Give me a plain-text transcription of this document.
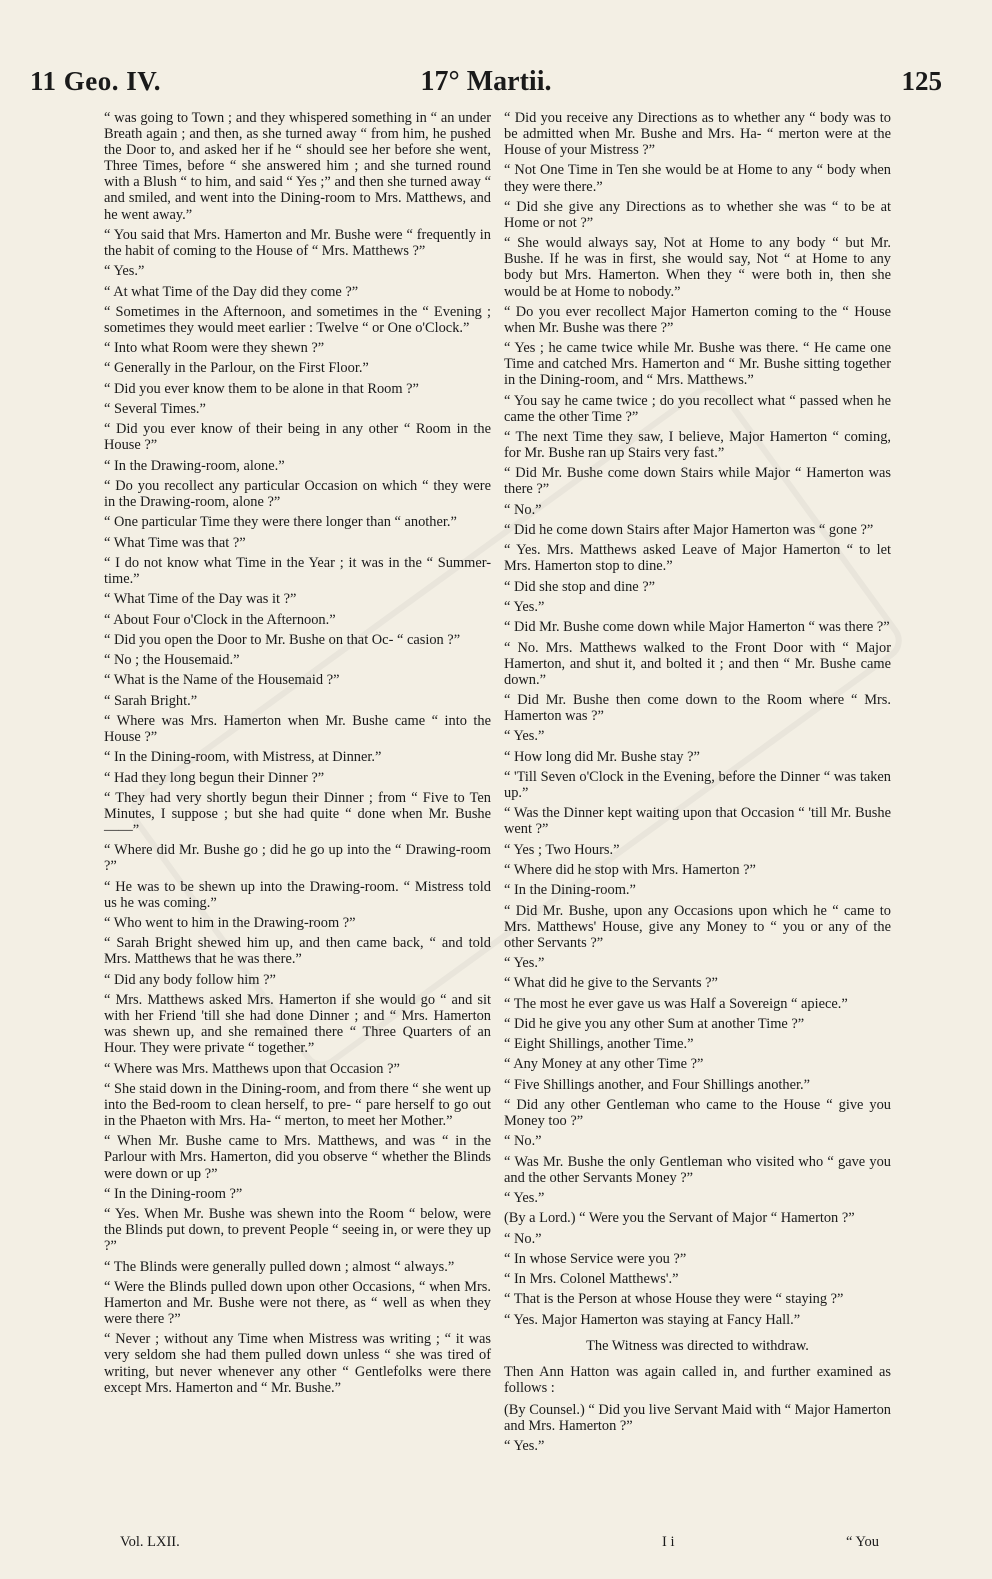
11 Geo. IV.	17° Martii.	125

“ was going to Town ; and they whispered something in “ an under Breath again ; and then, as she turned away “ from him, he pushed the Door to, and asked her if he “ should see her before she went, Three Times, before “ she answered him ; and she turned round with a Blush “ to him, and said “ Yes ;” and then she turned away “ and smiled, and went into the Dining-room to Mrs. Matthews, and he went away.”

“ You said that Mrs. Hamerton and Mr. Bushe were “ frequently in the habit of coming to the House of “ Mrs. Matthews ?”

“ Yes.”

“ At what Time of the Day did they come ?”

“ Sometimes in the Afternoon, and sometimes in the “ Evening ; sometimes they would meet earlier : Twelve “ or One o'Clock.”

“ Into what Room were they shewn ?”

“ Generally in the Parlour, on the First Floor.”

“ Did you ever know them to be alone in that Room ?”

“ Several Times.”

“ Did you ever know of their being in any other “ Room in the House ?”

“ In the Drawing-room, alone.”

“ Do you recollect any particular Occasion on which “ they were in the Drawing-room, alone ?”

“ One particular Time they were there longer than “ another.”

“ What Time was that ?”

“ I do not know what Time in the Year ; it was in the “ Summer-time.”

“ What Time of the Day was it ?”

“ About Four o'Clock in the Afternoon.”

“ Did you open the Door to Mr. Bushe on that Oc- “ casion ?”

“ No ; the Housemaid.”

“ What is the Name of the Housemaid ?”

“ Sarah Bright.”

“ Where was Mrs. Hamerton when Mr. Bushe came “ into the House ?”

“ In the Dining-room, with Mistress, at Dinner.”

“ Had they long begun their Dinner ?”

“ They had very shortly begun their Dinner ; from “ Five to Ten Minutes, I suppose ; but she had quite “ done when Mr. Bushe ——”

“ Where did Mr. Bushe go ; did he go up into the “ Drawing-room ?”

“ He was to be shewn up into the Drawing-room. “ Mistress told us he was coming.”

“ Who went to him in the Drawing-room ?”

“ Sarah Bright shewed him up, and then came back, “ and told Mrs. Matthews that he was there.”

“ Did any body follow him ?”

“ Mrs. Matthews asked Mrs. Hamerton if she would go “ and sit with her Friend 'till she had done Dinner ; and “ Mrs. Hamerton was shewn up, and she remained there “ Three Quarters of an Hour. They were private “ together.”

“ Where was Mrs. Matthews upon that Occasion ?”

“ She staid down in the Dining-room, and from there “ she went up into the Bed-room to clean herself, to pre- “ pare herself to go out in the Phaeton with Mrs. Ha- “ merton, to meet her Mother.”

“ When Mr. Bushe came to Mrs. Matthews, and was “ in the Parlour with Mrs. Hamerton, did you observe “ whether the Blinds were down or up ?”

“ In the Dining-room ?”

“ Yes. When Mr. Bushe was shewn into the Room “ below, were the Blinds put down, to prevent People “ seeing in, or were they up ?”

“ The Blinds were generally pulled down ; almost “ always.”

“ Were the Blinds pulled down upon other Occasions, “ when Mrs. Hamerton and Mr. Bushe were not there, as “ well as when they were there ?”

“ Never ; without any Time when Mistress was writing ; “ it was very seldom she had them pulled down unless “ she was tired of writing, but never whenever any other “ Gentlefolks were there except Mrs. Hamerton and “ Mr. Bushe.”

“ Did you receive any Directions as to whether any “ body was to be admitted when Mr. Bushe and Mrs. Ha- “ merton were at the House of your Mistress ?”

“ Not One Time in Ten she would be at Home to any “ body when they were there.”

“ Did she give any Directions as to whether she was “ to be at Home or not ?”

“ She would always say, Not at Home to any body “ but Mr. Bushe. If he was in first, she would say, Not “ at Home to any body but Mrs. Hamerton. When they “ were both in, then she would be at Home to nobody.”

“ Do you ever recollect Major Hamerton coming to the “ House when Mr. Bushe was there ?”

“ Yes ; he came twice while Mr. Bushe was there. “ He came one Time and catched Mrs. Hamerton and “ Mr. Bushe sitting together in the Dining-room, and “ Mrs. Matthews.”

“ You say he came twice ; do you recollect what “ passed when he came the other Time ?”

“ The next Time they saw, I believe, Major Hamerton “ coming, for Mr. Bushe ran up Stairs very fast.”

“ Did Mr. Bushe come down Stairs while Major “ Hamerton was there ?”

“ No.”

“ Did he come down Stairs after Major Hamerton was “ gone ?”

“ Yes. Mrs. Matthews asked Leave of Major Hamerton “ to let Mrs. Hamerton stop to dine.”

“ Did she stop and dine ?”

“ Yes.”

“ Did Mr. Bushe come down while Major Hamerton “ was there ?”

“ No. Mrs. Matthews walked to the Front Door with “ Major Hamerton, and shut it, and bolted it ; and then “ Mr. Bushe came down.”

“ Did Mr. Bushe then come down to the Room where “ Mrs. Hamerton was ?”

“ Yes.”

“ How long did Mr. Bushe stay ?”

“ 'Till Seven o'Clock in the Evening, before the Dinner “ was taken up.”

“ Was the Dinner kept waiting upon that Occasion “ 'till Mr. Bushe went ?”

“ Yes ; Two Hours.”

“ Where did he stop with Mrs. Hamerton ?”

“ In the Dining-room.”

“ Did Mr. Bushe, upon any Occasions upon which he “ came to Mrs. Matthews' House, give any Money to “ you or any of the other Servants ?”

“ Yes.”

“ What did he give to the Servants ?”

“ The most he ever gave us was Half a Sovereign “ apiece.”

“ Did he give you any other Sum at another Time ?”

“ Eight Shillings, another Time.”

“ Any Money at any other Time ?”

“ Five Shillings another, and Four Shillings another.”

“ Did any other Gentleman who came to the House “ give you Money too ?”

“ No.”

“ Was Mr. Bushe the only Gentleman who visited who “ gave you and the other Servants Money ?”

“ Yes.”

(By a Lord.) “ Were you the Servant of Major “ Hamerton ?”

“ No.”

“ In whose Service were you ?”

“ In Mrs. Colonel Matthews'.”

“ That is the Person at whose House they were “ staying ?”

“ Yes. Major Hamerton was staying at Fancy Hall.”

The Witness was directed to withdraw.

Then Ann Hatton was again called in, and further examined as follows :

(By Counsel.) “ Did you live Servant Maid with “ Major Hamerton and Mrs. Hamerton ?”

“ Yes.”

Vol. LXII.	I i	“ You
